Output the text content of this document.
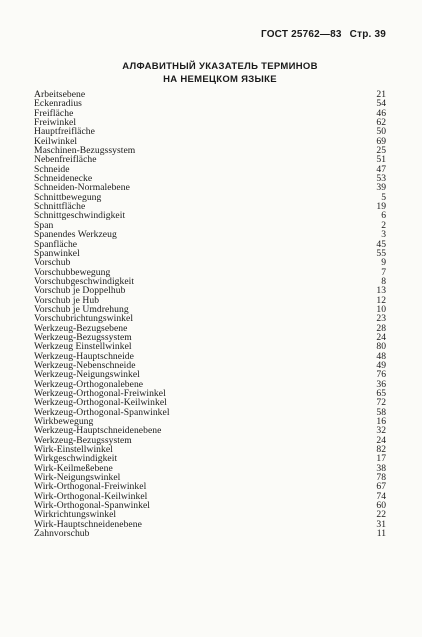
ГОСТ 25762—83 Стр. 39
АЛФАВИТНЫЙ УКАЗАТЕЛЬ ТЕРМИНОВ
НА НЕМЕЦКОМ ЯЗЫКЕ
Arbeitsebene	21
Eckenradius	54
Freifläche	46
Freiwinkel	62
Hauptfreifläche	50
Keilwinkel	69
Maschinen-Bezugssystem	25
Nebenfreifläche	51
Schneide	47
Schneidenecke	53
Schneiden-Normalebene	39
Schnittbewegung	5
Schnittfläche	19
Schnittgeschwindigkeit	6
Span	2
Spanendes Werkzeug	3
Spanfläche	45
Spanwinkel	55
Vorschub	9
Vorschubbewegung	7
Vorschubgeschwindigkeit	8
Vorschub je Doppelhub	13
Vorschub je Hub	12
Vorschub je Umdrehung	10
Vorschubrichtungswinkel	23
Werkzeug-Bezugsebene	28
Werkzeug-Bezugssystem	24
Werkzeug Einstellwinkel	80
Werkzeug-Hauptschneide	48
Werkzeug-Nebenschneide	49
Werkzeug-Neigungswinkel	76
Werkzeug-Orthogonalebene	36
Werkzeug-Orthogonal-Freiwinkel	65
Werkzeug-Orthogonal-Keilwinkel	72
Werkzeug-Orthogonal-Spanwinkel	58
Wirkbewegung	16
Werkzeug-Hauptschneidenebene	32
Werkzeug-Bezugssystem	24
Wirk-Einstellwinkel	82
Wirkgeschwindigkeit	17
Wirk-Keilmeßebene	38
Wirk-Neigungswinkel	78
Wirk-Orthogonal-Freiwinkel	67
Wirk-Orthogonal-Keilwinkel	74
Wirk-Orthogonal-Spanwinkel	60
Wirkrichtungswinkel	22
Wirk-Hauptschneidenebene	31
Zahnvorschub	11
